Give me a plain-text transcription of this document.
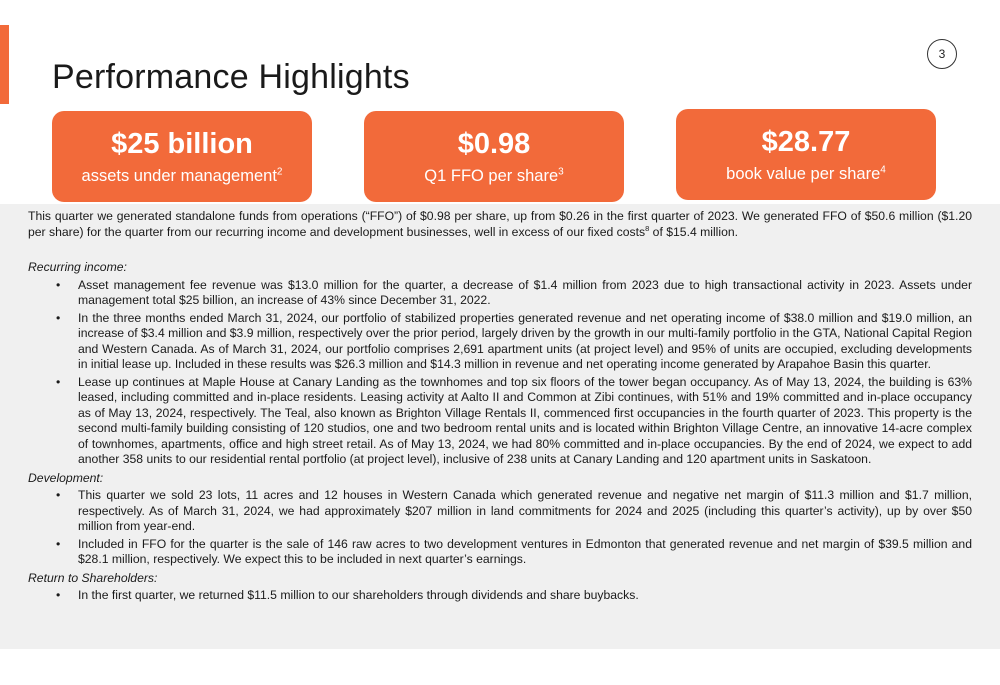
3
Performance Highlights
$25 billion
assets under management$^2$
$0.98
Q1 FFO per share$^3$
$28.77
book value per share$^4$

This quarter we generated standalone funds from operations (“FFO”) of $0.98 per share, up from $0.26 in the first quarter of 2023. We generated FFO of $50.6 million ($1.20 per share) for the quarter from our recurring income and development businesses, well in excess of our fixed costs$^8$ of $15.4 million.

Recurring income:

• Asset management fee revenue was $13.0 million for the quarter, a decrease of $1.4 million from 2023 due to high transactional activity in 2023. Assets under management total $25 billion, an increase of 43% since December 31, 2022.
• In the three months ended March 31, 2024, our portfolio of stabilized properties generated revenue and net operating income of $38.0 million and $19.0 million, an increase of $3.4 million and $3.9 million, respectively over the prior period, largely driven by the growth in our multi-family portfolio in the GTA, National Capital Region and Western Canada. As of March 31, 2024, our portfolio comprises 2,691 apartment units (at project level) and 95% of units are occupied, excluding developments in initial lease up. Included in these results was $26.3 million and $14.3 million in revenue and net operating income generated by Arapahoe Basin this quarter.
• Lease up continues at Maple House at Canary Landing as the townhomes and top six floors of the tower began occupancy. As of May 13, 2024, the building is 63% leased, including committed and in-place residents. Leasing activity at Aalto II and Common at Zibi continues, with 51% and 19% committed and in-place occupancy as of May 13, 2024, respectively. The Teal, also known as Brighton Village Rentals II, commenced first occupancies in the fourth quarter of 2023. This property is the second multi-family building consisting of 120 studios, one and two bedroom rental units and is located within Brighton Village Centre, an innovative 14-acre complex of townhomes, apartments, office and high street retail. As of May 13, 2024, we had 80% committed and in-place occupancies. By the end of 2024, we expect to add another 358 units to our residential rental portfolio (at project level), inclusive of 238 units at Canary Landing and 120 apartment units in Saskatoon.

Development:

• This quarter we sold 23 lots, 11 acres and 12 houses in Western Canada which generated revenue and negative net margin of $11.3 million and $1.7 million, respectively. As of March 31, 2024, we had approximately $207 million in land commitments for 2024 and 2025 (including this quarter’s activity), up by over $50 million from year-end.
• Included in FFO for the quarter is the sale of 146 raw acres to two development ventures in Edmonton that generated revenue and net margin of $39.5 million and $28.1 million, respectively. We expect this to be included in next quarter’s earnings.

Return to Shareholders:

• In the first quarter, we returned $11.5 million to our shareholders through dividends and share buybacks.
